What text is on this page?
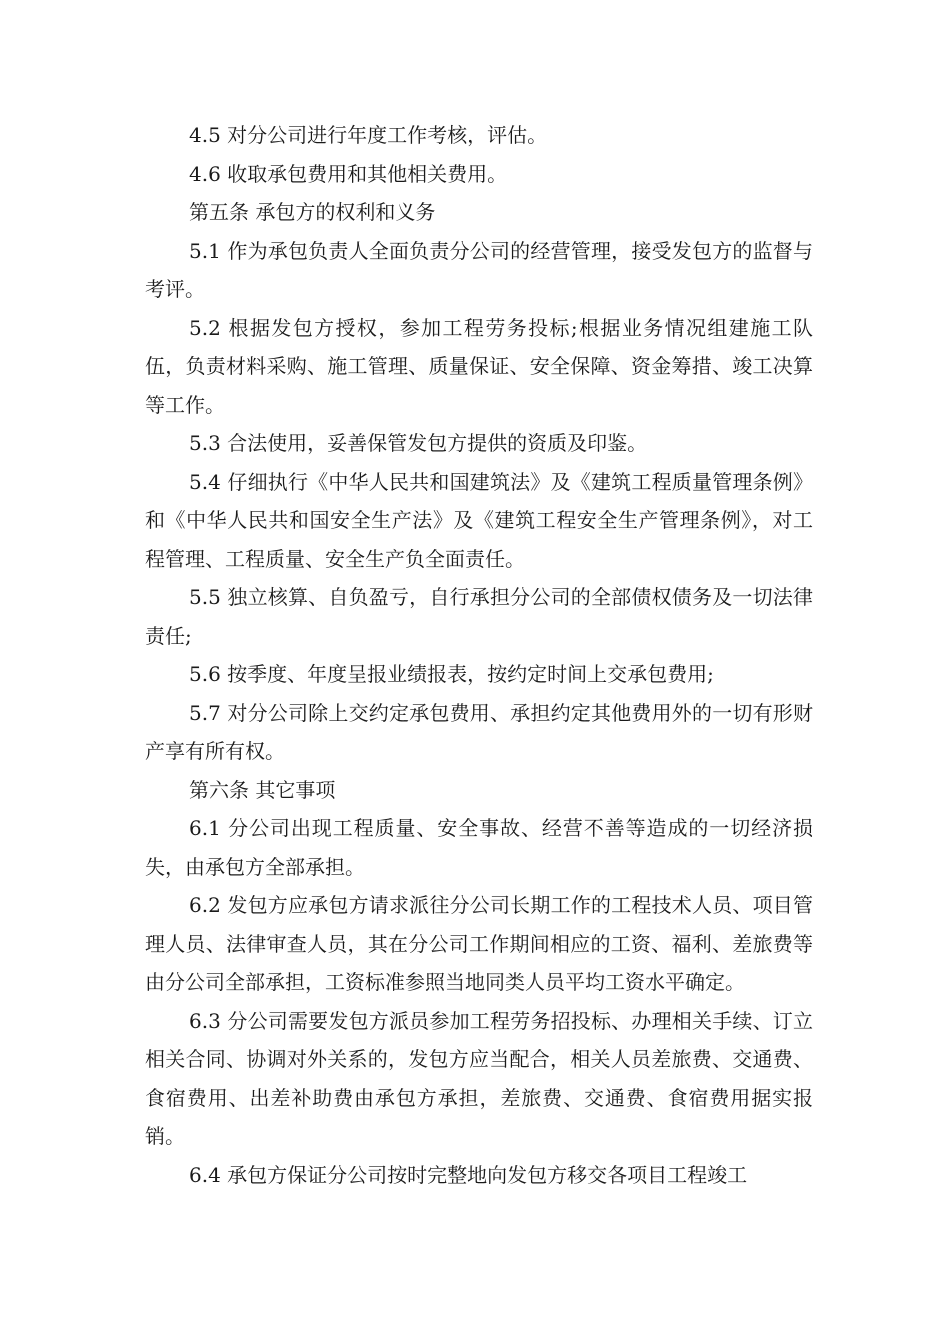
4.5 对分公司进行年度工作考核，评估。

4.6 收取承包费用和其他相关费用。

第五条 承包方的权利和义务

5.1 作为承包负责人全面负责分公司的经营管理，接受发包方的监督与考评。

5.2 根据发包方授权，参加工程劳务投标;根据业务情况组建施工队伍，负责材料采购、施工管理、质量保证、安全保障、资金筹措、竣工决算等工作。

5.3 合法使用，妥善保管发包方提供的资质及印鉴。

5.4 仔细执行《中华人民共和国建筑法》及《建筑工程质量管理条例》和《中华人民共和国安全生产法》及《建筑工程安全生产管理条例》，对工程管理、工程质量、安全生产负全面责任。

5.5 独立核算、自负盈亏，自行承担分公司的全部债权债务及一切法律责任;

5.6 按季度、年度呈报业绩报表，按约定时间上交承包费用;

5.7 对分公司除上交约定承包费用、承担约定其他费用外的一切有形财产享有所有权。

第六条 其它事项

6.1 分公司出现工程质量、安全事故、经营不善等造成的一切经济损失，由承包方全部承担。

6.2 发包方应承包方请求派往分公司长期工作的工程技术人员、项目管理人员、法律审查人员，其在分公司工作期间相应的工资、福利、差旅费等由分公司全部承担，工资标准参照当地同类人员平均工资水平确定。

6.3 分公司需要发包方派员参加工程劳务招投标、办理相关手续、订立相关合同、协调对外关系的，发包方应当配合，相关人员差旅费、交通费、食宿费用、出差补助费由承包方承担，差旅费、交通费、食宿费用据实报销。

6.4 承包方保证分公司按时完整地向发包方移交各项目工程竣工
